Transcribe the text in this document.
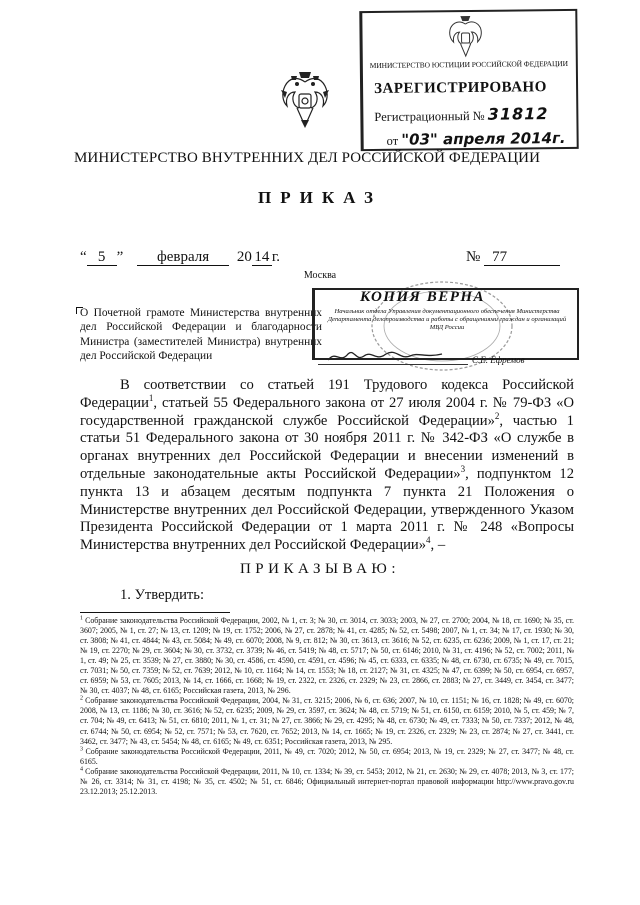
МИНИСТЕРСТВО ЮСТИЦИИ РОССИЙСКОЙ ФЕДЕРАЦИИ
ЗАРЕГИСТРИРОВАНО
Регистрационный № 31812
от "03" апреля 2014г.
МИНИСТЕРСТВО ВНУТРЕННИХ ДЕЛ РОССИЙСКОЙ ФЕДЕРАЦИИ
ПРИКАЗ
“ 5 ” февраля 20 14 г.	№ 77
Москва
О Почетной грамоте Министерства внутренних дел Российской Федерации и благодарности Министра (заместителей Министра) внутренних дел Российской Федерации
КОПИЯ ВЕРНА
Начальник отдела Управления документационного обеспечения Министерства Департамента делопроизводства и работы с обращениями граждан и организаций МВД России
С.Е. Ефремов

В соответствии со статьей 191 Трудового кодекса Российской Федерации$^1$, статьей 55 Федерального закона от 27 июля 2004 г. № 79-ФЗ «О государственной гражданской службе Российской Федерации»$^2$, частью 1 статьи 51 Федерального закона от 30 ноября 2011 г. № 342-ФЗ «О службе в органах внутренних дел Российской Федерации и внесении изменений в отдельные законодательные акты Российской Федерации»$^3$, подпунктом 12 пункта 13 и абзацем десятым подпункта 7 пункта 21 Положения о Министерстве внутренних дел Российской Федерации, утвержденного Указом Президента Российской Федерации от 1 марта 2011 г. № 248 «Вопросы Министерства внутренних дел Российской Федерации»$^4$, –

ПРИКАЗЫВАЮ:
1. Утвердить:

$^1$ Собрание законодательства Российской Федерации, 2002, № 1, ст. 3; № 30, ст. 3014, ст. 3033; 2003, № 27, ст. 2700; 2004, № 18, ст. 1690; № 35, ст. 3607; 2005, № 1, ст. 27; № 13, ст. 1209; № 19, ст. 1752; 2006, № 27, ст. 2878; № 41, ст. 4285; № 52, ст. 5498; 2007, № 1, ст. 34; № 17, ст. 1930; № 30, ст. 3808; № 41, ст. 4844; № 43, ст. 5084; № 49, ст. 6070; 2008, № 9, ст. 812; № 30, ст. 3613, ст. 3616; № 52, ст. 6235, ст. 6236; 2009, № 1, ст. 17, ст. 21; № 19, ст. 2270; № 29, ст. 3604; № 30, ст. 3732, ст. 3739; № 46, ст. 5419; № 48, ст. 5717; № 50, ст. 6146; 2010, № 31, ст. 4196; № 52, ст. 7002; 2011, № 1, ст. 49; № 25, ст. 3539; № 27, ст. 3880; № 30, ст. 4586, ст. 4590, ст. 4591, ст. 4596; № 45, ст. 6333, ст. 6335; № 48, ст. 6730, ст. 6735; № 49, ст. 7015, ст. 7031; № 50, ст. 7359; № 52, ст. 7639; 2012, № 10, ст. 1164; № 14, ст. 1553; № 18, ст. 2127; № 31, ст. 4325; № 47, ст. 6399; № 50, ст. 6954, ст. 6957, ст. 6959; № 53, ст. 7605; 2013, № 14, ст. 1666, ст. 1668; № 19, ст. 2322, ст. 2326, ст. 2329; № 23, ст. 2866, ст. 2883; № 27, ст. 3449, ст. 3454, ст. 3477; № 30, ст. 4037; № 48, ст. 6165; Российская газета, 2013, № 296.

$^2$ Собрание законодательства Российской Федерации, 2004, № 31, ст. 3215; 2006, № 6, ст. 636; 2007, № 10, ст. 1151; № 16, ст. 1828; № 49, ст. 6070; 2008, № 13, ст. 1186; № 30, ст. 3616; № 52, ст. 6235; 2009, № 29, ст. 3597, ст. 3624; № 48, ст. 5719; № 51, ст. 6150, ст. 6159; 2010, № 5, ст. 459; № 7, ст. 704; № 49, ст. 6413; № 51, ст. 6810; 2011, № 1, ст. 31; № 27, ст. 3866; № 29, ст. 4295; № 48, ст. 6730; № 49, ст. 7333; № 50, ст. 7337; 2012, № 48, ст. 6744; № 50, ст. 6954; № 52, ст. 7571; № 53, ст. 7620, ст. 7652; 2013, № 14, ст. 1665; № 19, ст. 2326, ст. 2329; № 23, ст. 2874; № 27, ст. 3441, ст. 3462, ст. 3477; № 43, ст. 5454; № 48, ст. 6165; № 49, ст. 6351; Российская газета, 2013, № 295.

$^3$ Собрание законодательства Российской Федерации, 2011, № 49, ст. 7020; 2012, № 50, ст. 6954; 2013, № 19, ст. 2329; № 27, ст. 3477; № 48, ст. 6165.

$^4$ Собрание законодательства Российской Федерации, 2011, № 10, ст. 1334; № 39, ст. 5453; 2012, № 21, ст. 2630; № 29, ст. 4078; 2013, № 3, ст. 177; № 26, ст. 3314; № 31, ст. 4198; № 35, ст. 4502; № 51, ст. 6846; Официальный интернет-портал правовой информации http://www.pravo.gov.ru 23.12.2013; 25.12.2013.
